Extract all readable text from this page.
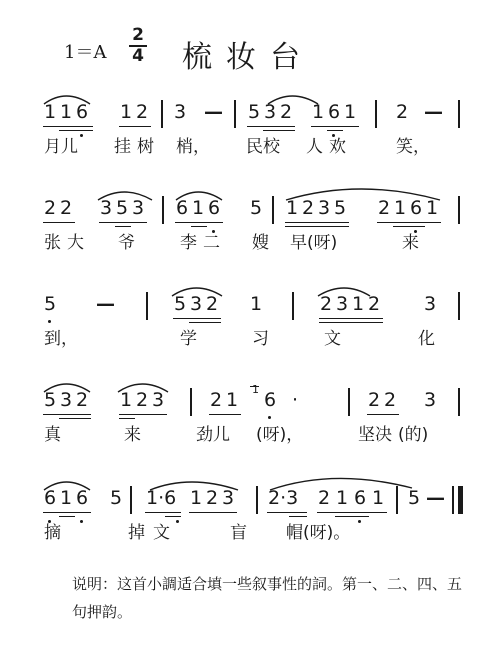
1＝A
2
4 梳妆台
1 1 6 1 2 3 — 5 3 2 1 6 1 2 —
月儿 挂树 梢， 民校 人欢	笑，
2 2 3 5 3 6 1 6 5 1 2 3 5 2 1 6 1
张大 爷	李二 嫂 早(呀)	来
5 —	5 3 2 1	2 3 1 2 3
到，	学	习	文	化
5 3 2 1 2 3 2 1 1 6 ·	2 2 3
真	来	劲儿 (呀)，	坚决 (的)
6 1 6 5 1·6 1 2 3 2·3 2 1 6 1 5 —
摘	掉文	盲 帽(呀)。
说明：这首小調适合填一些叙事性的詞。第一、二、四、五句押韵。
